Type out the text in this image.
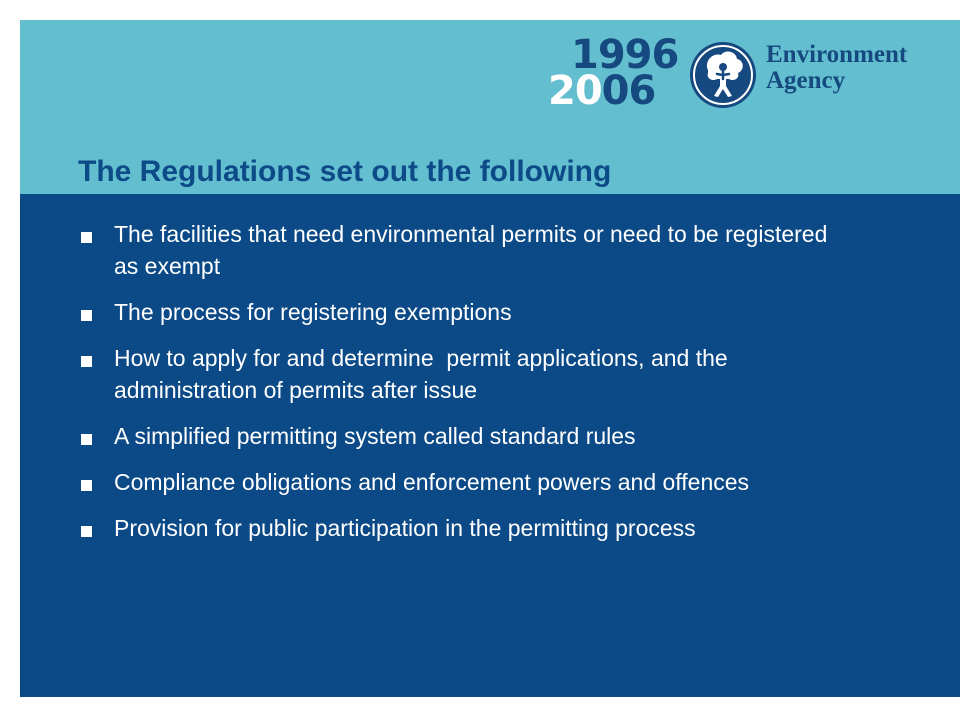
1996
2006
Environment
Agency
The Regulations set out the following
The facilities that need environmental permits or need to be registered as exempt
The process for registering exemptions
How to apply for and determine  permit applications, and the administration of permits after issue
A simplified permitting system called standard rules
Compliance obligations and enforcement powers and offences
Provision for public participation in the permitting process
